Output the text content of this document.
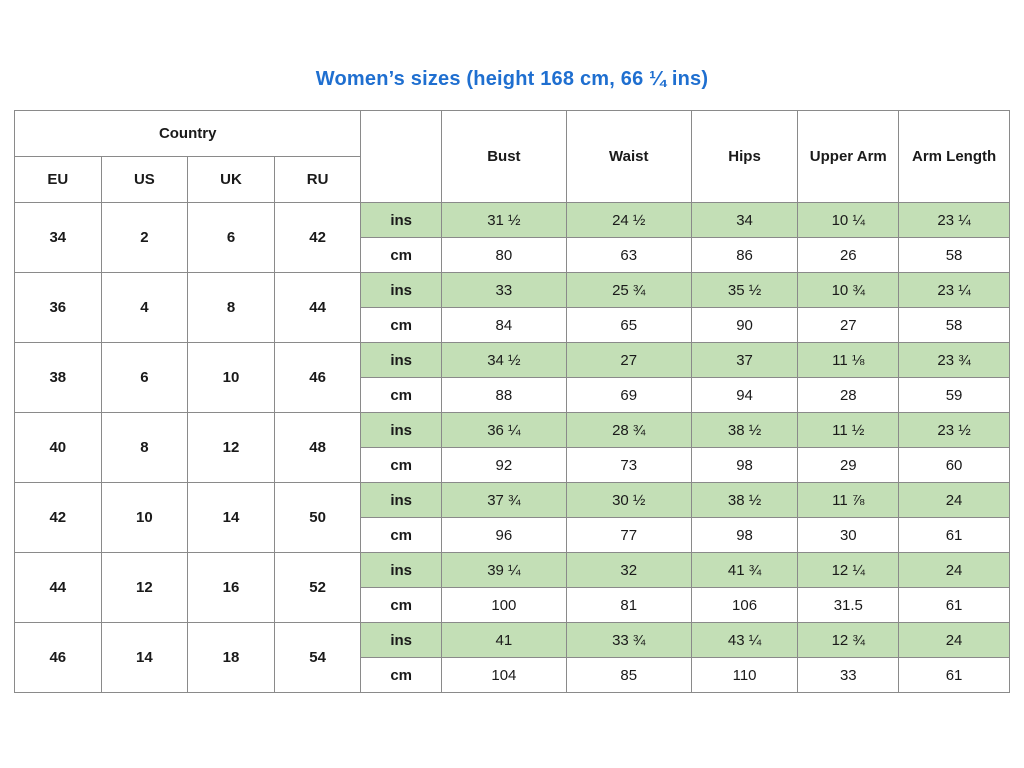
Women’s sizes (height 168 cm, 66 ¼ ins)
Country					Bust	Waist	Hips	Upper Arm	Arm Length
EU	US	UK	RU						
34	2	6	42	ins	31 ½	24 ½	34	10 ¼	23 ¼
				cm	80	63	86	26	58
36	4	8	44	ins	33	25 ¾	35 ½	10 ¾	23 ¼
				cm	84	65	90	27	58
38	6	10	46	ins	34 ½	27	37	11 ⅛	23 ¾
				cm	88	69	94	28	59
40	8	12	48	ins	36 ¼	28 ¾	38 ½	11 ½	23 ½
				cm	92	73	98	29	60
42	10	14	50	ins	37 ¾	30 ½	38 ½	11 ⅞	24
				cm	96	77	98	30	61
44	12	16	52	ins	39 ¼	32	41 ¾	12 ¼	24
				cm	100	81	106	31.5	61
46	14	18	54	ins	41	33 ¾	43 ¼	12 ¾	24
				cm	104	85	110	33	61
